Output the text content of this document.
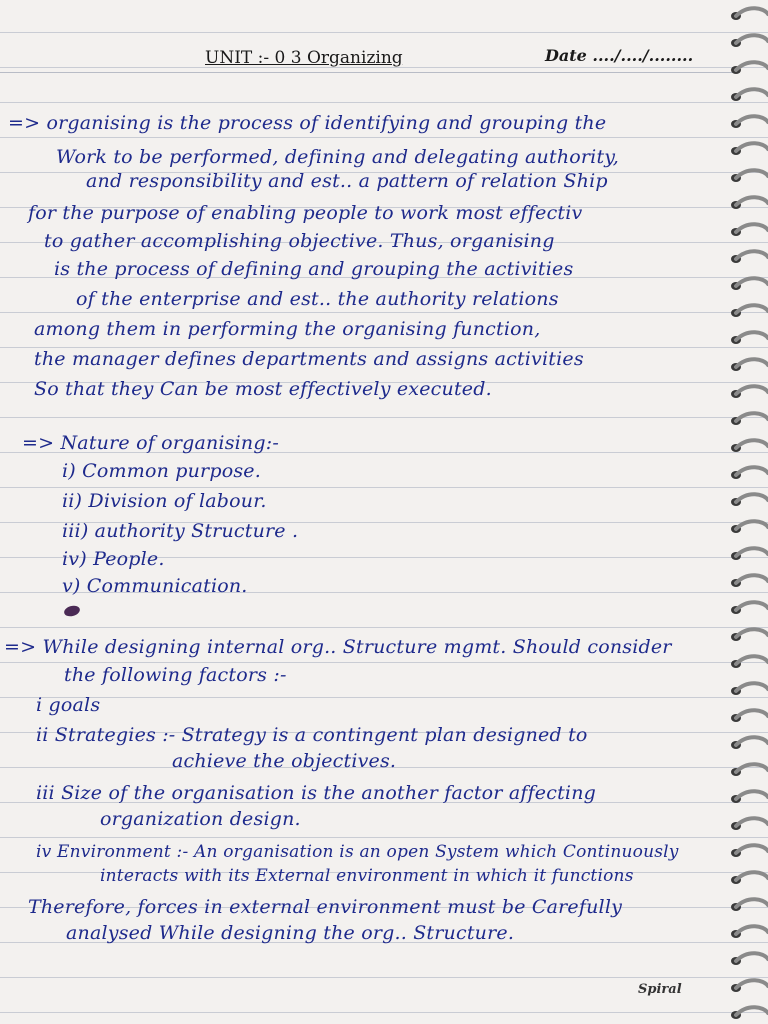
UNIT :- 0 3 Organizing	Date ..../..../........
=> organising is the process of identifying and grouping the
Work to be performed, defining and delegating authority,
and responsibility and est.. a pattern of relation Ship
for the purpose of enabling people to work most effectiv
to gather accomplishing objective. Thus, organising
is the process of defining and grouping the activities
of the enterprise and est.. the authority relations
among them in performing the organising function,
the manager defines departments and assigns activities
So that they Can be most effectively executed.
=> Nature of organising:-
i) Common purpose.
ii) Division of labour.
iii) authority Structure .
iv) People.
v) Communication.
=> While designing internal org.. Structure mgmt. Should consider
the following factors :-
i goals
ii Strategies :- Strategy is a contingent plan designed to
achieve the objectives.
iii Size of the organisation is the another factor affecting
organization design.
iv Environment :- An organisation is an open System which Continuously
interacts with its External environment in which it functions
Therefore, forces in external environment must be Carefully
analysed While designing the org.. Structure.
Spiral
